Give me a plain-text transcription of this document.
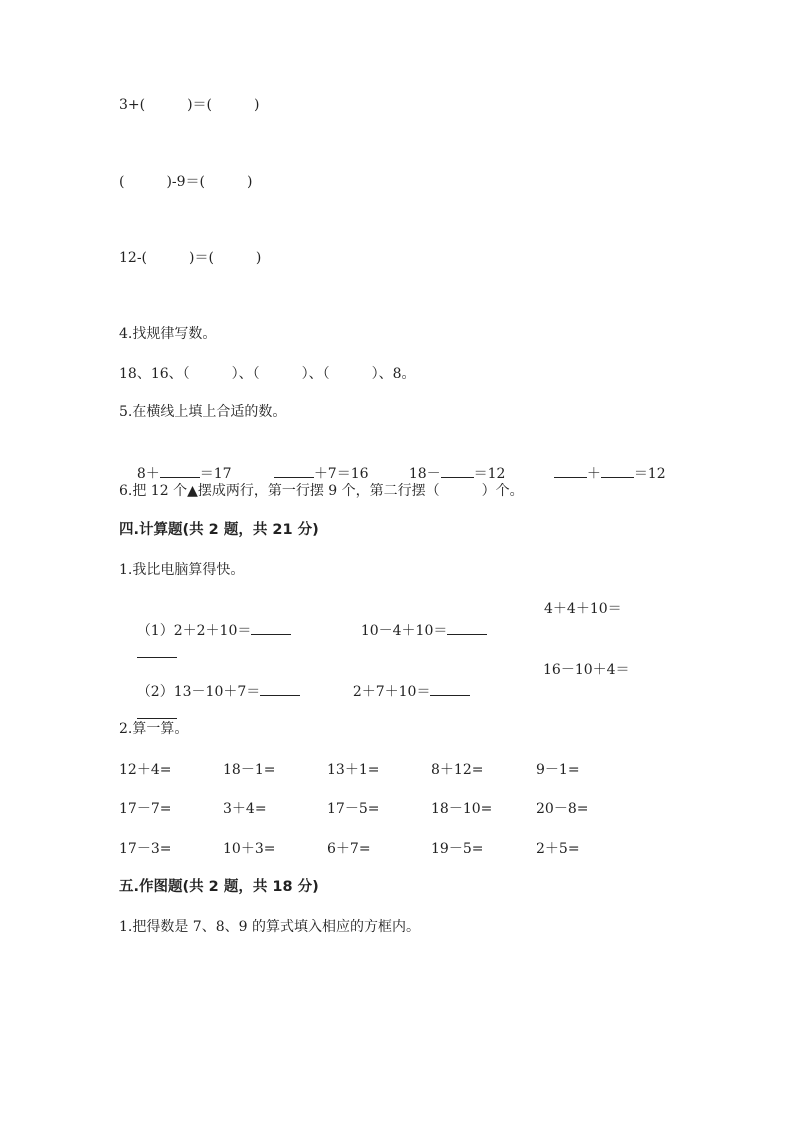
3+(　　　)＝(　　　)
(　　　)-9＝(　　　)
12-(　　　)＝(　　　)
4.找规律写数。
18、16、（　　　）、（　　　）、（　　　）、8。
5.在横线上填上合适的数。

8＋	＝17
	＋7＝16
	18－ ＝12
	＋ ＝12

6.把 12 个▲摆成两行，第一行摆 9 个，第二行摆（　　　）个。
四.计算题(共 2 题，共 21 分)
1.我比电脑算得快。

（1）2＋2＋10＝
	10－4＋10＝

4＋4＋10＝

（2）13－10＋7＝
	2＋7＋10＝

16－10＋4＝

2.算一算。
12＋4=	18－1=	13＋1=	8＋12=	9－1=
17－7=	3＋4=	17－5=	18－10=	20－8=
17－3=	10＋3=	6＋7=	19－5=	2＋5=
五.作图题(共 2 题，共 18 分)
1.把得数是 7、8、9 的算式填入相应的方框内。
